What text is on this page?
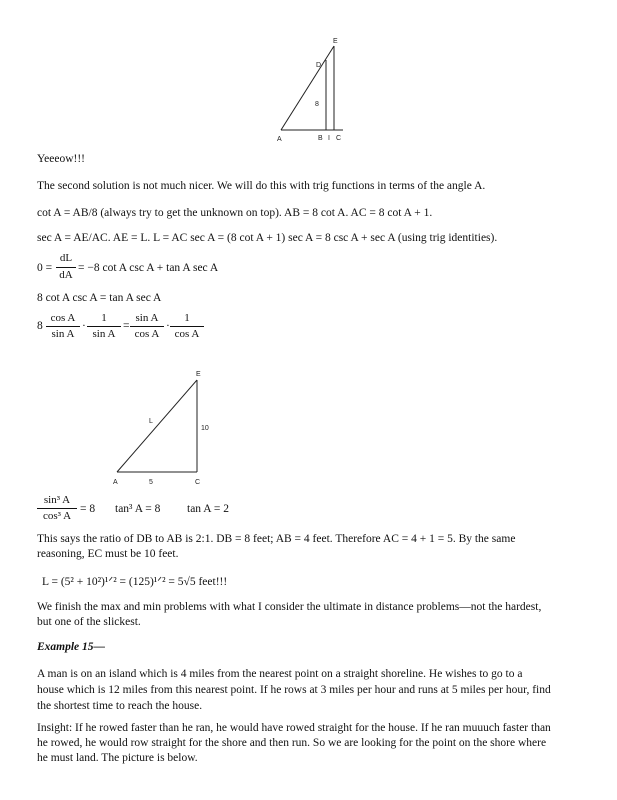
A	B I C
D
E
8
Yeeeow!!!
The second solution is not much nicer. We will do this with trig functions in terms of the angle A.
cot A = AB/8 (always try to get the unknown on top). AB = 8 cot A. AC = 8 cot A + 1.
sec A = AE/AC. AE = L. L = AC sec A = (8 cot A + 1) sec A = 8 csc A + sec A (using trig identities).
0 =
dL
dA
= −8 cot A csc A + tan A sec A
8 cot A csc A = tan A sec A
8
cos A
sin A
·
1
sin A
=
sin A
cos A
·
1
cos A
E
L
10
A	5	C
sin³ A
cos³ A
= 8 tan³ A = 8 tan A = 2
This says the ratio of DB to AB is 2:1. DB = 8 feet; AB = 4 feet. Therefore AC = 4 + 1 = 5. By the same
reasoning, EC must be 10 feet.
L = (5² + 10²)¹ᐟ² = (125)¹ᐟ² = 5√5 feet!!!
We finish the max and min problems with what I consider the ultimate in distance problems—not the hardest,
but one of the slickest.
Example 15—
A man is on an island which is 4 miles from the nearest point on a straight shoreline. He wishes to go to a
house which is 12 miles from this nearest point. If he rows at 3 miles per hour and runs at 5 miles per hour, find
the shortest time to reach the house.
Insight: If he rowed faster than he ran, he would have rowed straight for the house. If he ran muuuch faster than
he rowed, he would row straight for the shore and then run. So we are looking for the point on the shore where
he must land. The picture is below.
